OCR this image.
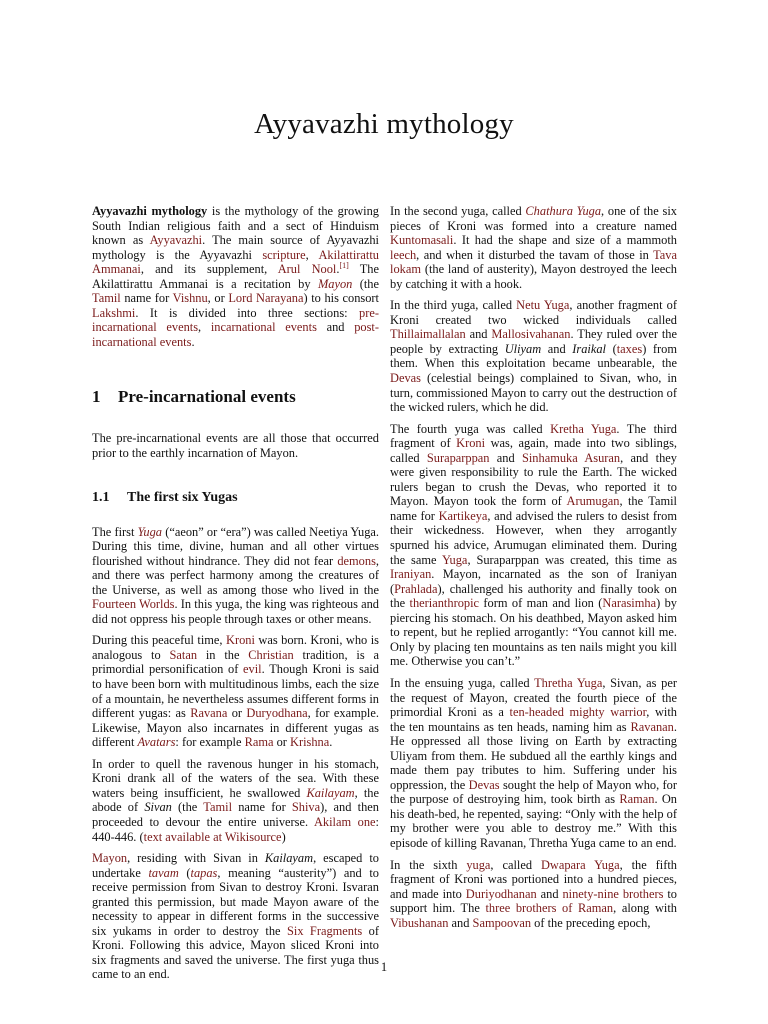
Ayyavazhi mythology

Ayyavazhi mythology is the mythology of the growing South Indian religious faith and a sect of Hinduism known as Ayyavazhi. The main source of Ayyavazhi mythology is the Ayyavazhi scripture, Akilattirattu Ammanai, and its supplement, Arul Nool.[1] The Akilattirattu Ammanai is a recitation by Mayon (the Tamil name for Vishnu, or Lord Narayana) to his consort Lakshmi. It is divided into three sections: pre-incarnational events, incarnational events and post-incarnational events.

1 Pre-incarnational events

The pre-incarnational events are all those that occurred prior to the earthly incarnation of Mayon.

1.1 The first six Yugas

The first Yuga (“aeon” or “era”) was called Neetiya Yuga. During this time, divine, human and all other virtues flourished without hindrance. They did not fear demons, and there was perfect harmony among the creatures of the Universe, as well as among those who lived in the Fourteen Worlds. In this yuga, the king was righteous and did not oppress his people through taxes or other means.

During this peaceful time, Kroni was born. Kroni, who is analogous to Satan in the Christian tradition, is a primordial personification of evil. Though Kroni is said to have been born with multitudinous limbs, each the size of a mountain, he nevertheless assumes different forms in different yugas: as Ravana or Duryodhana, for example. Likewise, Mayon also incarnates in different yugas as different Avatars: for example Rama or Krishna.

In order to quell the ravenous hunger in his stomach, Kroni drank all of the waters of the sea. With these waters being insufficient, he swallowed Kailayam, the abode of Sivan (the Tamil name for Shiva), and then proceeded to devour the entire universe. Akilam one: 440-446. (text available at Wikisource)

Mayon, residing with Sivan in Kailayam, escaped to undertake tavam (tapas, meaning “austerity”) and to receive permission from Sivan to destroy Kroni. Isvaran granted this permission, but made Mayon aware of the necessity to appear in different forms in the successive six yukams in order to destroy the Six Fragments of Kroni. Following this advice, Mayon sliced Kroni into six fragments and saved the universe. The first yuga thus came to an end.

In the second yuga, called Chathura Yuga, one of the six pieces of Kroni was formed into a creature named Kuntomasali. It had the shape and size of a mammoth leech, and when it disturbed the tavam of those in Tava lokam (the land of austerity), Mayon destroyed the leech by catching it with a hook.

In the third yuga, called Netu Yuga, another fragment of Kroni created two wicked individuals called Thillaimallalan and Mallosivahanan. They ruled over the people by extracting Uliyam and Iraikal (taxes) from them. When this exploitation became unbearable, the Devas (celestial beings) complained to Sivan, who, in turn, commissioned Mayon to carry out the destruction of the wicked rulers, which he did.

The fourth yuga was called Kretha Yuga. The third fragment of Kroni was, again, made into two siblings, called Suraparppan and Sinhamuka Asuran, and they were given responsibility to rule the Earth. The wicked rulers began to crush the Devas, who reported it to Mayon. Mayon took the form of Arumugan, the Tamil name for Kartikeya, and advised the rulers to desist from their wickedness. However, when they arrogantly spurned his advice, Arumugan eliminated them. During the same Yuga, Suraparppan was created, this time as Iraniyan. Mayon, incarnated as the son of Iraniyan (Prahlada), challenged his authority and finally took on the therianthropic form of man and lion (Narasimha) by piercing his stomach. On his deathbed, Mayon asked him to repent, but he replied arrogantly: “You cannot kill me. Only by placing ten mountains as ten nails might you kill me. Otherwise you can’t.”

In the ensuing yuga, called Thretha Yuga, Sivan, as per the request of Mayon, created the fourth piece of the primordial Kroni as a ten-headed mighty warrior, with the ten mountains as ten heads, naming him as Ravanan. He oppressed all those living on Earth by extracting Uliyam from them. He subdued all the earthly kings and made them pay tributes to him. Suffering under his oppression, the Devas sought the help of Mayon who, for the purpose of destroying him, took birth as Raman. On his death-bed, he repented, saying: “Only with the help of my brother were you able to destroy me.” With this episode of killing Ravanan, Thretha Yuga came to an end.

In the sixth yuga, called Dwapara Yuga, the fifth fragment of Kroni was portioned into a hundred pieces, and made into Duriyodhanan and ninety-nine brothers to support him. The three brothers of Raman, along with Vibushanan and Sampoovan of the preceding epoch,

1
